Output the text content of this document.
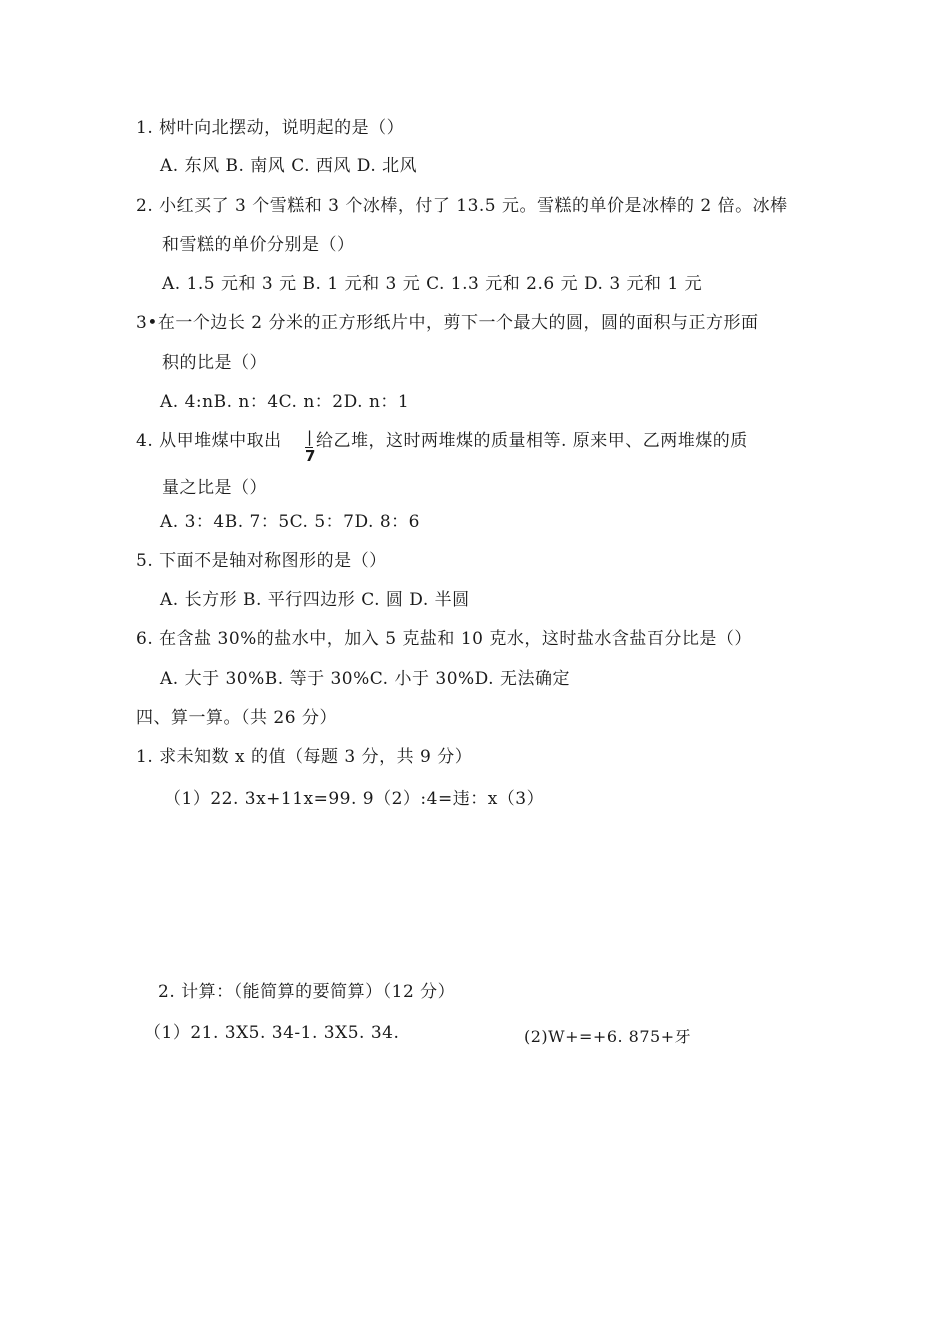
1. 树叶向北摆动，说明起的是（）
A. 东风 B. 南风 C. 西风 D. 北风
2. 小红买了 3 个雪糕和 3 个冰棒，付了 13.5 元。雪糕的单价是冰棒的 2 倍。冰棒
和雪糕的单价分别是（）
A. 1.5 元和 3 元 B. 1 元和 3 元 C. 1.3 元和 2.6 元 D. 3 元和 1 元
3•在一个边长 2 分米的正方形纸片中，剪下一个最大的圆，圆的面积与正方形面
积的比是（）
A. 4:nB. n：4C. n：2D. n：1
4. 从甲堆煤中取出 |
7
给乙堆，这时两堆煤的质量相等. 原来甲、乙两堆煤的质
量之比是（）
A. 3：4B. 7：5C. 5：7D. 8：6
5. 下面不是轴对称图形的是（）
A. 长方形 B. 平行四边形 C. 圆 D. 半圆
6. 在含盐 30%的盐水中，加入 5 克盐和 10 克水，这时盐水含盐百分比是（）
A. 大于 30%B. 等于 30%C. 小于 30%D. 无法确定
四、算一算。（共 26 分）
1. 求未知数 x 的值（每题 3 分，共 9 分）
（1）22. 3x+11x=99. 9（2）:4=违：x（3）
2. 计算：（能简算的要简算）（12 分）
（1）21. 3X5. 34-1. 3X5. 34.	(2)W+=+6. 875+牙
